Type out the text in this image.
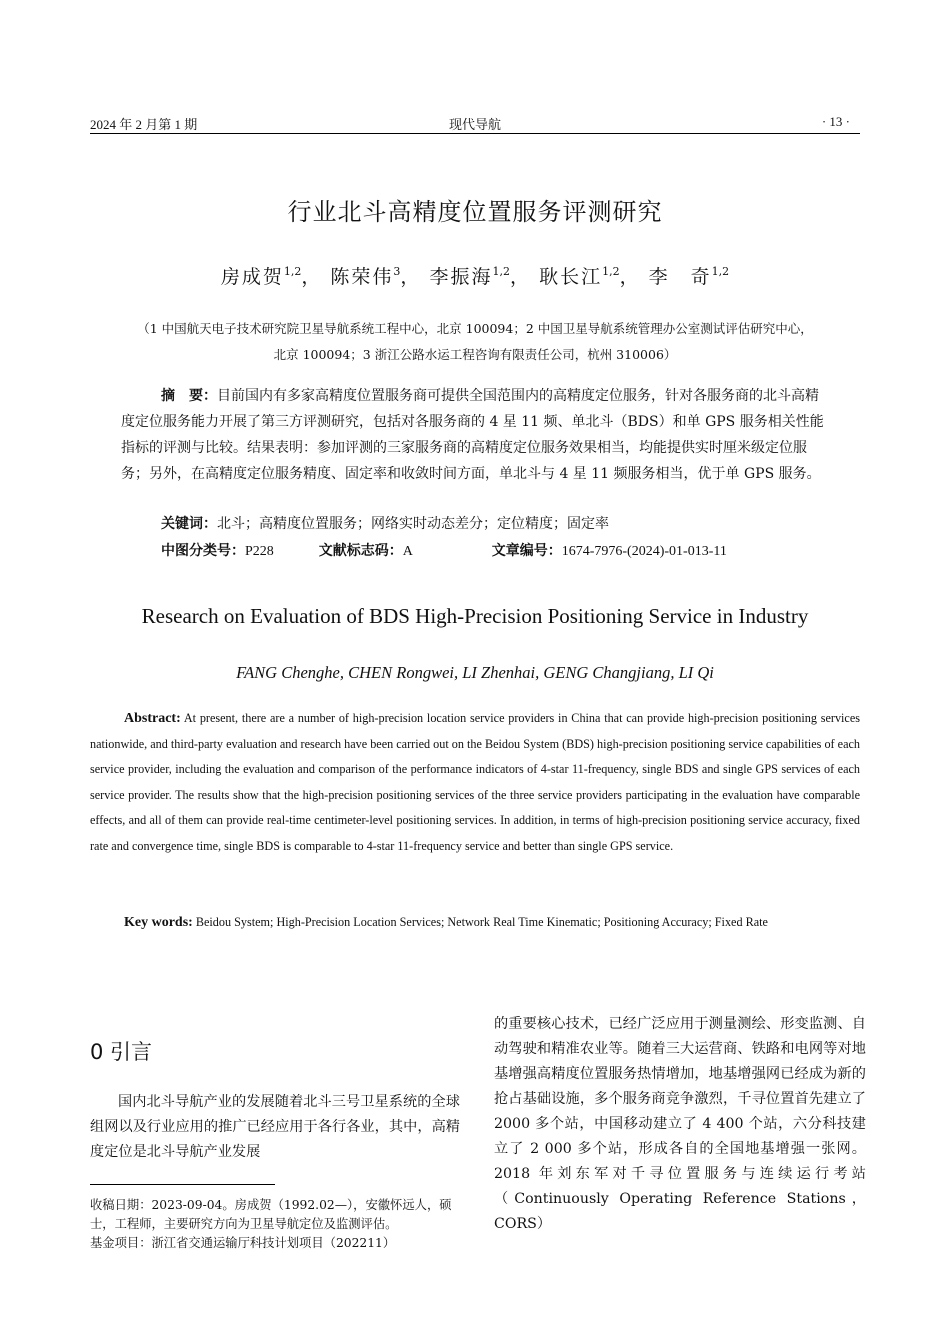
2024 年 2 月第 1 期	现代导航	· 13 ·
行业北斗高精度位置服务评测研究
房成贺$^{1,2}$， 陈荣伟$^3$， 李振海$^{1,2}$， 耿长江$^{1,2}$， 李　奇$^{1,2}$
（1 中国航天电子技术研究院卫星导航系统工程中心，北京 100094；2 中国卫星导航系统管理办公室测试评估研究中心，
北京 100094；3 浙江公路水运工程咨询有限责任公司，杭州 310006）
摘　要：目前国内有多家高精度位置服务商可提供全国范围内的高精度定位服务，针对各服务商的北斗高精度定位服务能力开展了第三方评测研究，包括对各服务商的 4 星 11 频、单北斗（BDS）和单 GPS 服务相关性能指标的评测与比较。结果表明：参加评测的三家服务商的高精度定位服务效果相当，均能提供实时厘米级定位服务；另外，在高精度定位服务精度、固定率和收敛时间方面，单北斗与 4 星 11 频服务相当，优于单 GPS 服务。
关键词：北斗；高精度位置服务；网络实时动态差分；定位精度；固定率
中图分类号：P228	文献标志码：A	文章编号：1674-7976-(2024)-01-013-11
Research on Evaluation of BDS High-Precision Positioning Service in Industry
FANG Chenghe, CHEN Rongwei, LI Zhenhai, GENG Changjiang, LI Qi
Abstract: At present, there are a number of high-precision location service providers in China that can provide high-precision positioning services nationwide, and third-party evaluation and research have been carried out on the Beidou System (BDS) high-precision positioning service capabilities of each service provider, including the evaluation and comparison of the performance indicators of 4-star 11-frequency, single BDS and single GPS services of each service provider. The results show that the high-precision positioning services of the three service providers participating in the evaluation have comparable effects, and all of them can provide real-time centimeter-level positioning services. In addition, in terms of high-precision positioning service accuracy, fixed rate and convergence time, single BDS is comparable to 4-star 11-frequency service and better than single GPS service.
Key words: Beidou System; High-Precision Location Services; Network Real Time Kinematic; Positioning Accuracy; Fixed Rate
0 引言
国内北斗导航产业的发展随着北斗三号卫星系统的全球组网以及行业应用的推广已经应用于各行各业，其中，高精度定位是北斗导航产业发展
的重要核心技术，已经广泛应用于测量测绘、形变监测、自动驾驶和精准农业等。随着三大运营商、铁路和电网等对地基增强高精度位置服务热情增加，地基增强网已经成为新的抢占基础设施，多个服务商竞争激烈，千寻位置首先建立了 2000 多个站，中国移动建立了 4 400 个站，六分科技建立了 2 000 多个站，形成各自的全国地基增强一张网。2018 年刘东军对千寻位置服务与连续运行考站（Continuously Operating Reference Stations，CORS）
收稿日期：2023-09-04。房成贺（1992.02—），安徽怀远人，硕士，工程师，主要研究方向为卫星导航定位及监测评估。
基金项目：浙江省交通运输厅科技计划项目（202211）
